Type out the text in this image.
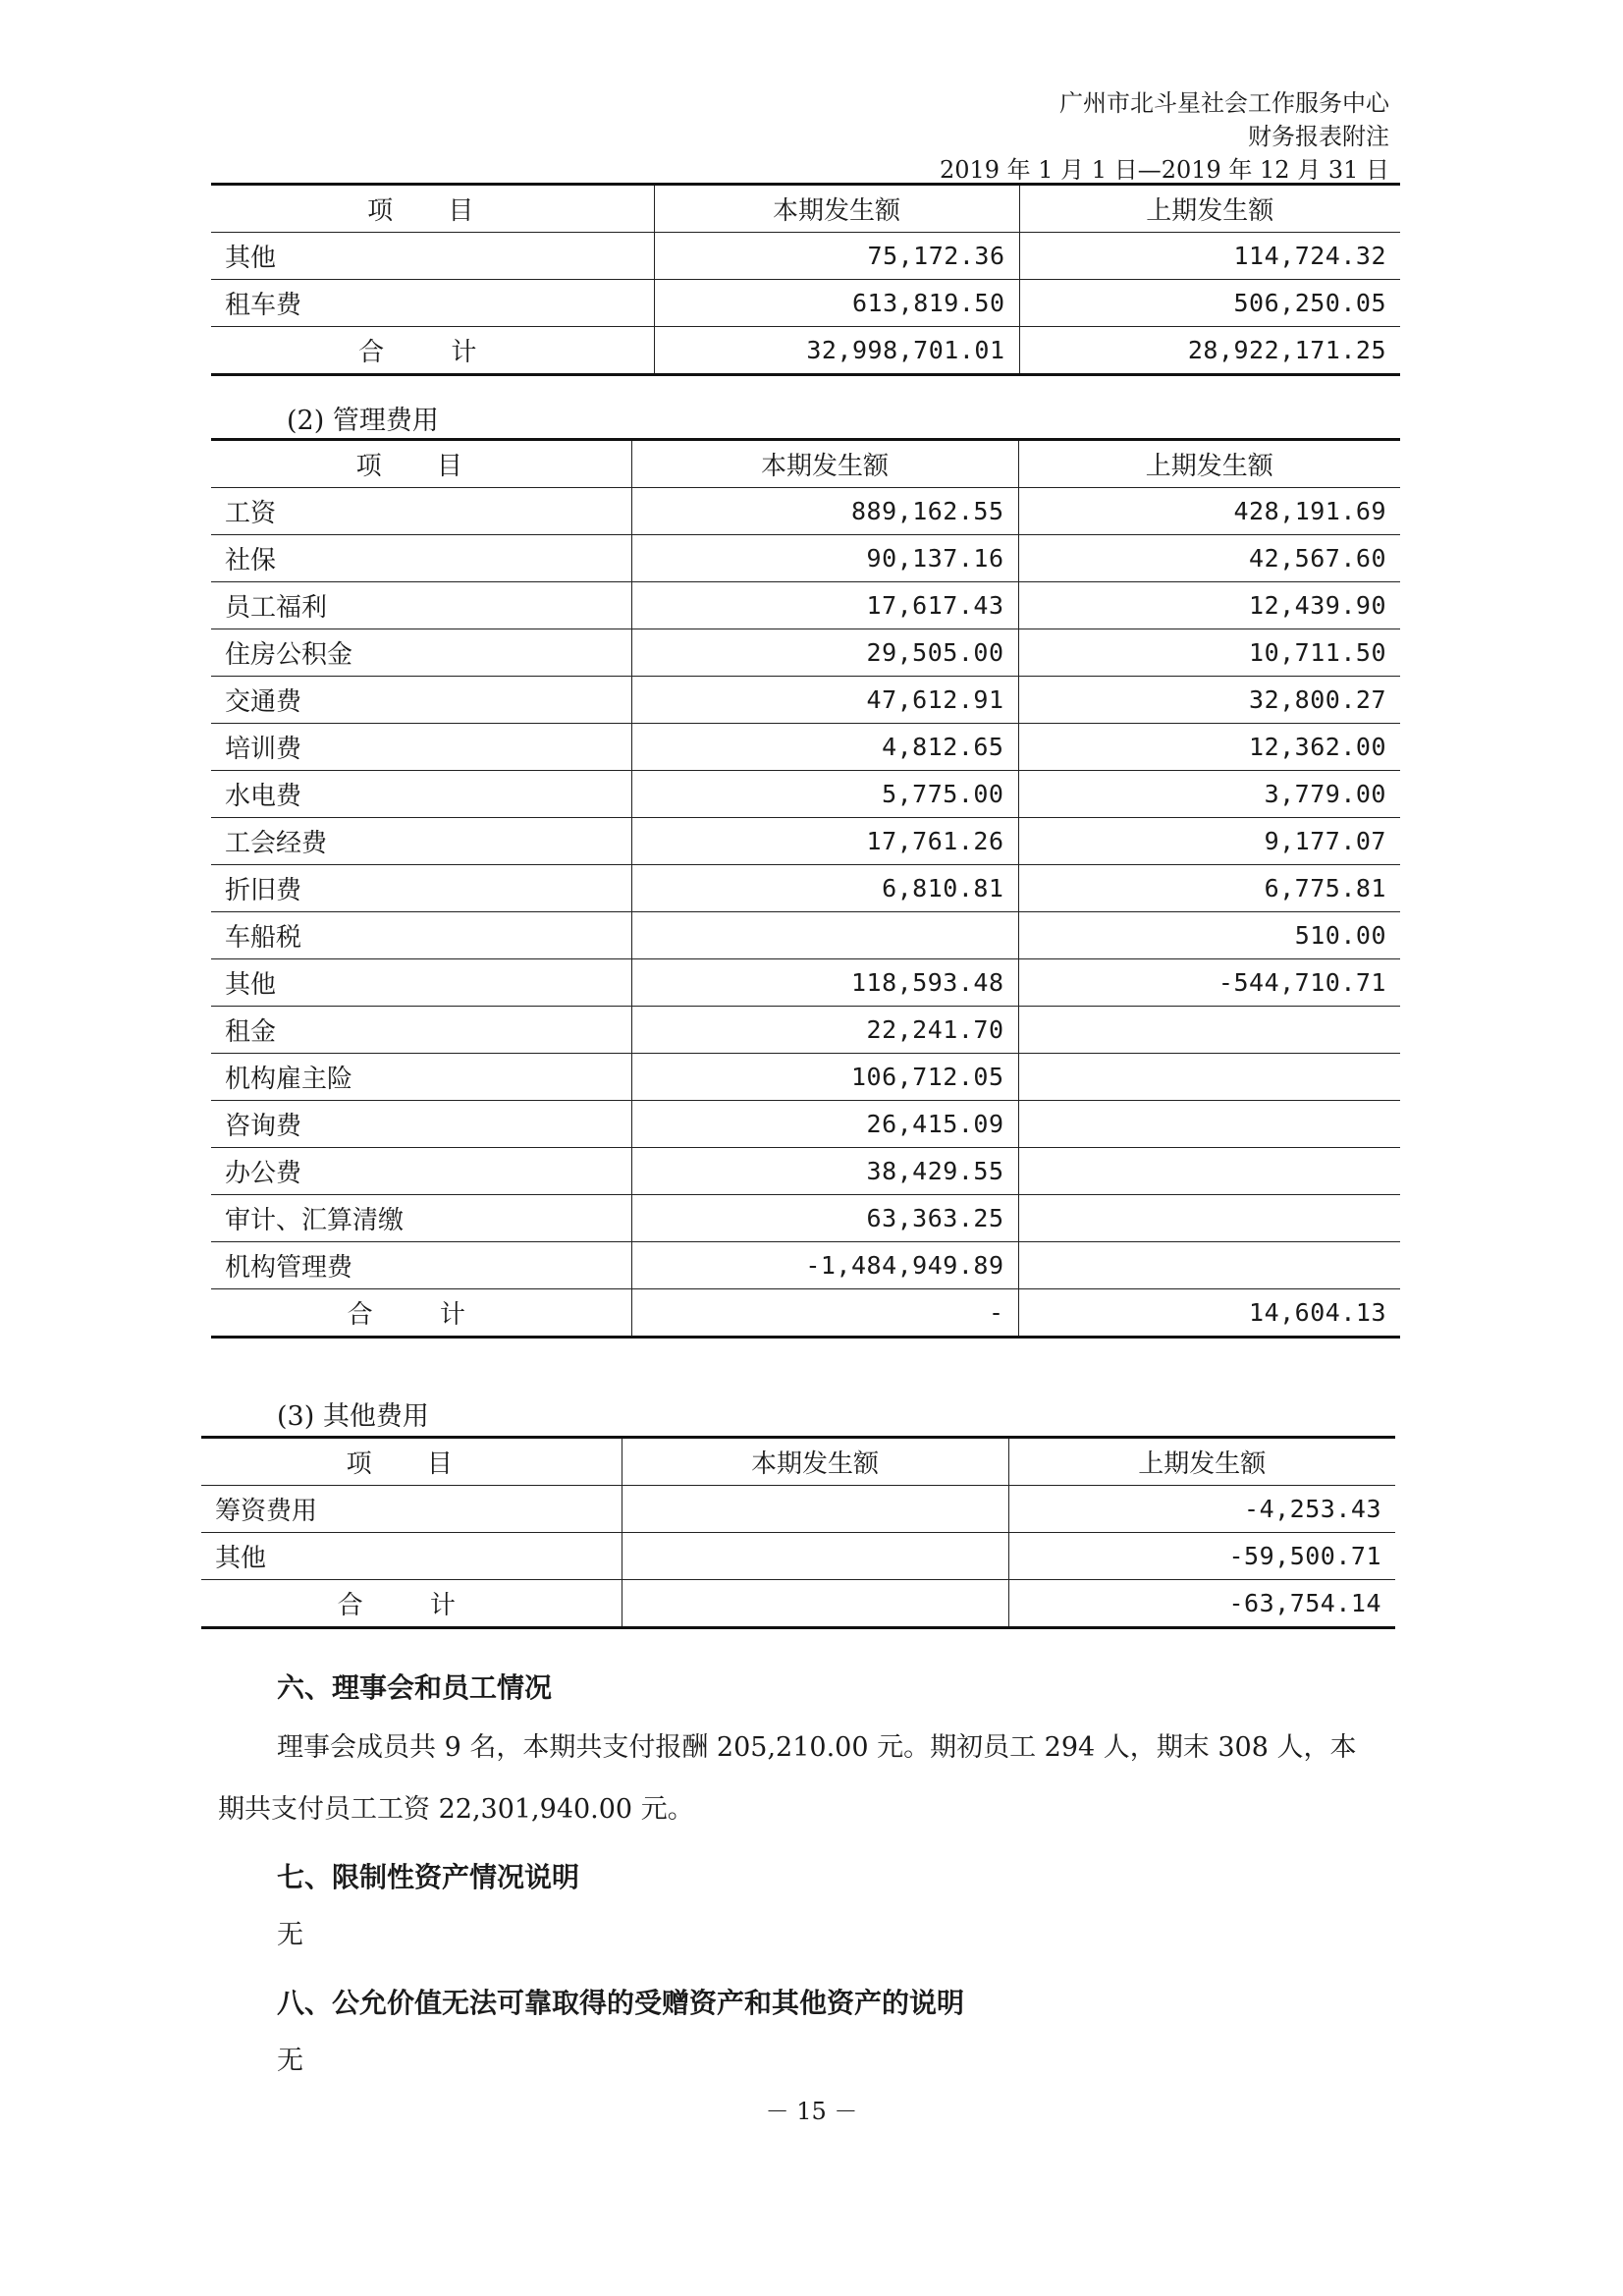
广州市北斗星社会工作服务中心
财务报表附注
2019 年 1 月 1 日—2019 年 12 月 31 日
项 目	本期发生额	上期发生额
其他	75,172.36	114,724.32
租车费	613,819.50	506,250.05
合 计	32,998,701.01	28,922,171.25
(2) 管理费用
项 目	本期发生额	上期发生额
工资	889,162.55	428,191.69
社保	90,137.16	42,567.60
员工福利	17,617.43	12,439.90
住房公积金	29,505.00	10,711.50
交通费	47,612.91	32,800.27
培训费	4,812.65	12,362.00
水电费	5,775.00	3,779.00
工会经费	17,761.26	9,177.07
折旧费	6,810.81	6,775.81
车船税		510.00
其他	118,593.48	-544,710.71
租金	22,241.70	
机构雇主险	106,712.05	
咨询费	26,415.09	
办公费	38,429.55	
审计、汇算清缴	63,363.25	
机构管理费	-1,484,949.89	
合 计	-	14,604.13
(3) 其他费用
项 目	本期发生额	上期发生额
筹资费用		-4,253.43
其他		-59,500.71
合 计		-63,754.14
六、理事会和员工情况
理事会成员共 9 名，本期共支付报酬 205,210.00 元。期初员工 294 人，期末 308 人，本
期共支付员工工资 22,301,940.00 元。
七、限制性资产情况说明
无
八、公允价值无法可靠取得的受赠资产和其他资产的说明
无
－ 15 －
